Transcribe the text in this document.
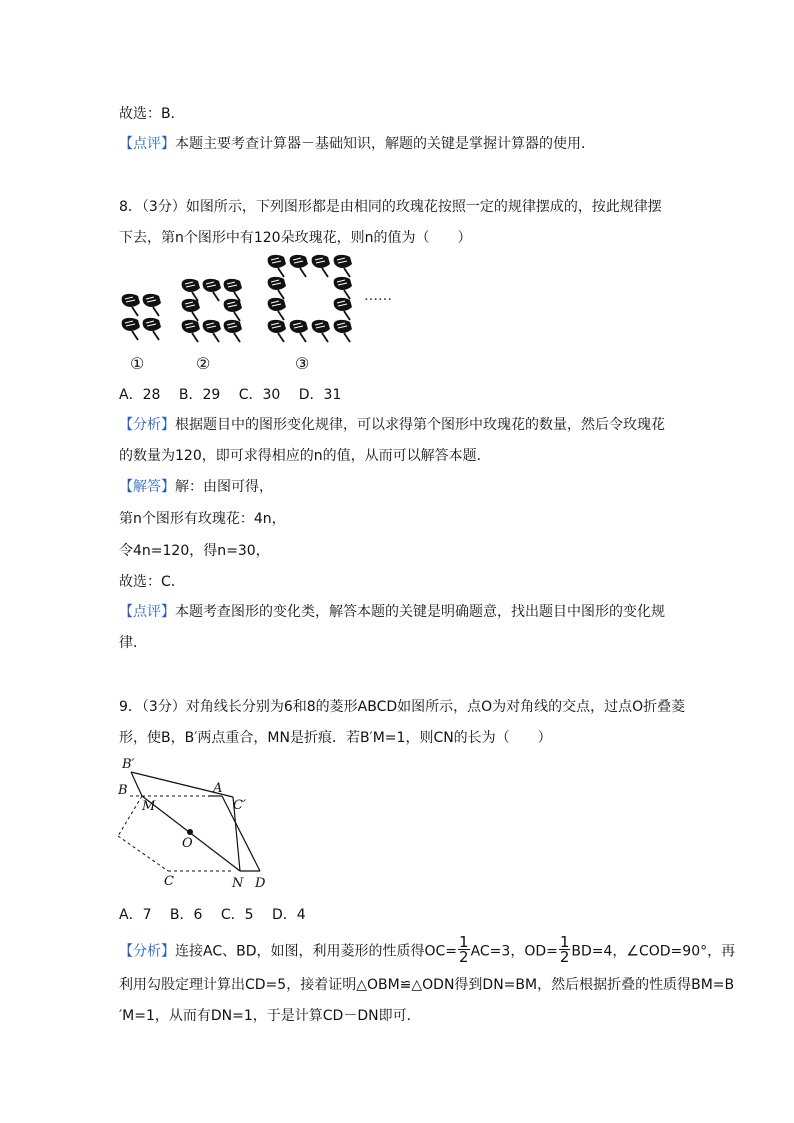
故选：B．
【点评】本题主要考查计算器－基础知识，解题的关键是掌握计算器的使用．
8．（3分）如图所示，下列图形都是由相同的玫瑰花按照一定的规律摆成的，按此规律摆
下去，第n个图形中有120朵玫瑰花，则n的值为（　　）
……
①	②	③
A．28　 B．29　 C．30　 D．31
【分析】根据题目中的图形变化规律，可以求得第个图形中玫瑰花的数量，然后令玫瑰花
的数量为120，即可求得相应的n的值，从而可以解答本题．
【解答】解：由图可得，
第n个图形有玫瑰花：4n，
令4n=120，得n=30，
故选：C．
【点评】本题考查图形的变化类，解答本题的关键是明确题意，找出题目中图形的变化规
律．
9．（3分）对角线长分别为6和8的菱形ABCD如图所示，点O为对角线的交点，过点O折叠菱
形，使B，B′两点重合，MN是折痕．若B′M=1，则CN的长为（　　）
B′
B
M
A
C′
O
C	N D
A．7　 B．6　 C．5　 D．4
【分析】连接AC、BD，如图，利用菱形的性质得$OC= \frac{1}{2} AC=3$，$OD= \frac{1}{2} BD=4$，∠COD=90°，再
利用勾股定理计算出CD=5，接着证明△OBM≌△ODN得到DN=BM，然后根据折叠的性质得BM=B
′M=1，从而有DN=1，于是计算CD－DN即可．
